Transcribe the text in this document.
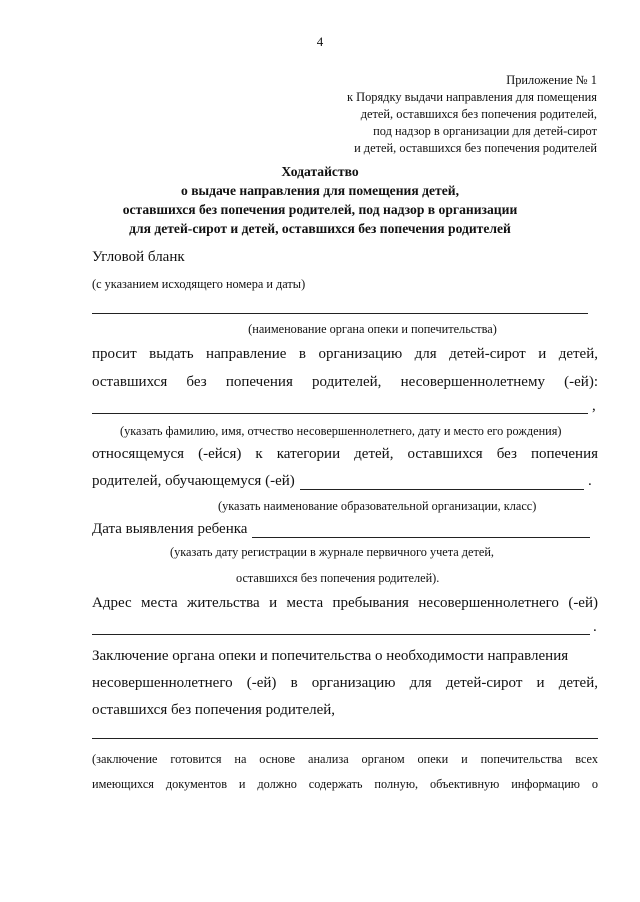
4
Приложение № 1
к Порядку выдачи направления для помещения
детей, оставшихся без попечения родителей,
под надзор в организации для детей-сирот
и детей, оставшихся без попечения родителей
Ходатайство
о выдаче направления для помещения детей,
оставшихся без попечения родителей, под надзор в организации
для детей-сирот и детей, оставшихся без попечения родителей
Угловой бланк
(с указанием исходящего номера и даты)
(наименование органа опеки и попечительства)
просит выдать направление в организацию для детей-сирот и детей,
оставшихся без попечения родителей, несовершеннолетнему (-ей):
,
(указать фамилию, имя, отчество несовершеннолетнего, дату и место его рождения)
относящемуся (-ейся) к категории детей, оставшихся без попечения
родителей, обучающемуся (-ей)	.
(указать наименование образовательной организации, класс)
Дата выявления ребенка
(указать дату регистрации в журнале первичного учета детей,
оставшихся без попечения родителей).
Адрес места жительства и места пребывания несовершеннолетнего (-ей)
.
Заключение органа опеки и попечительства о необходимости направления
несовершеннолетнего (-ей) в организацию для детей-сирот и детей,
оставшихся без попечения родителей,
(заключение готовится на основе анализа органом опеки и попечительства всех
имеющихся документов и должно содержать полную, объективную информацию о
